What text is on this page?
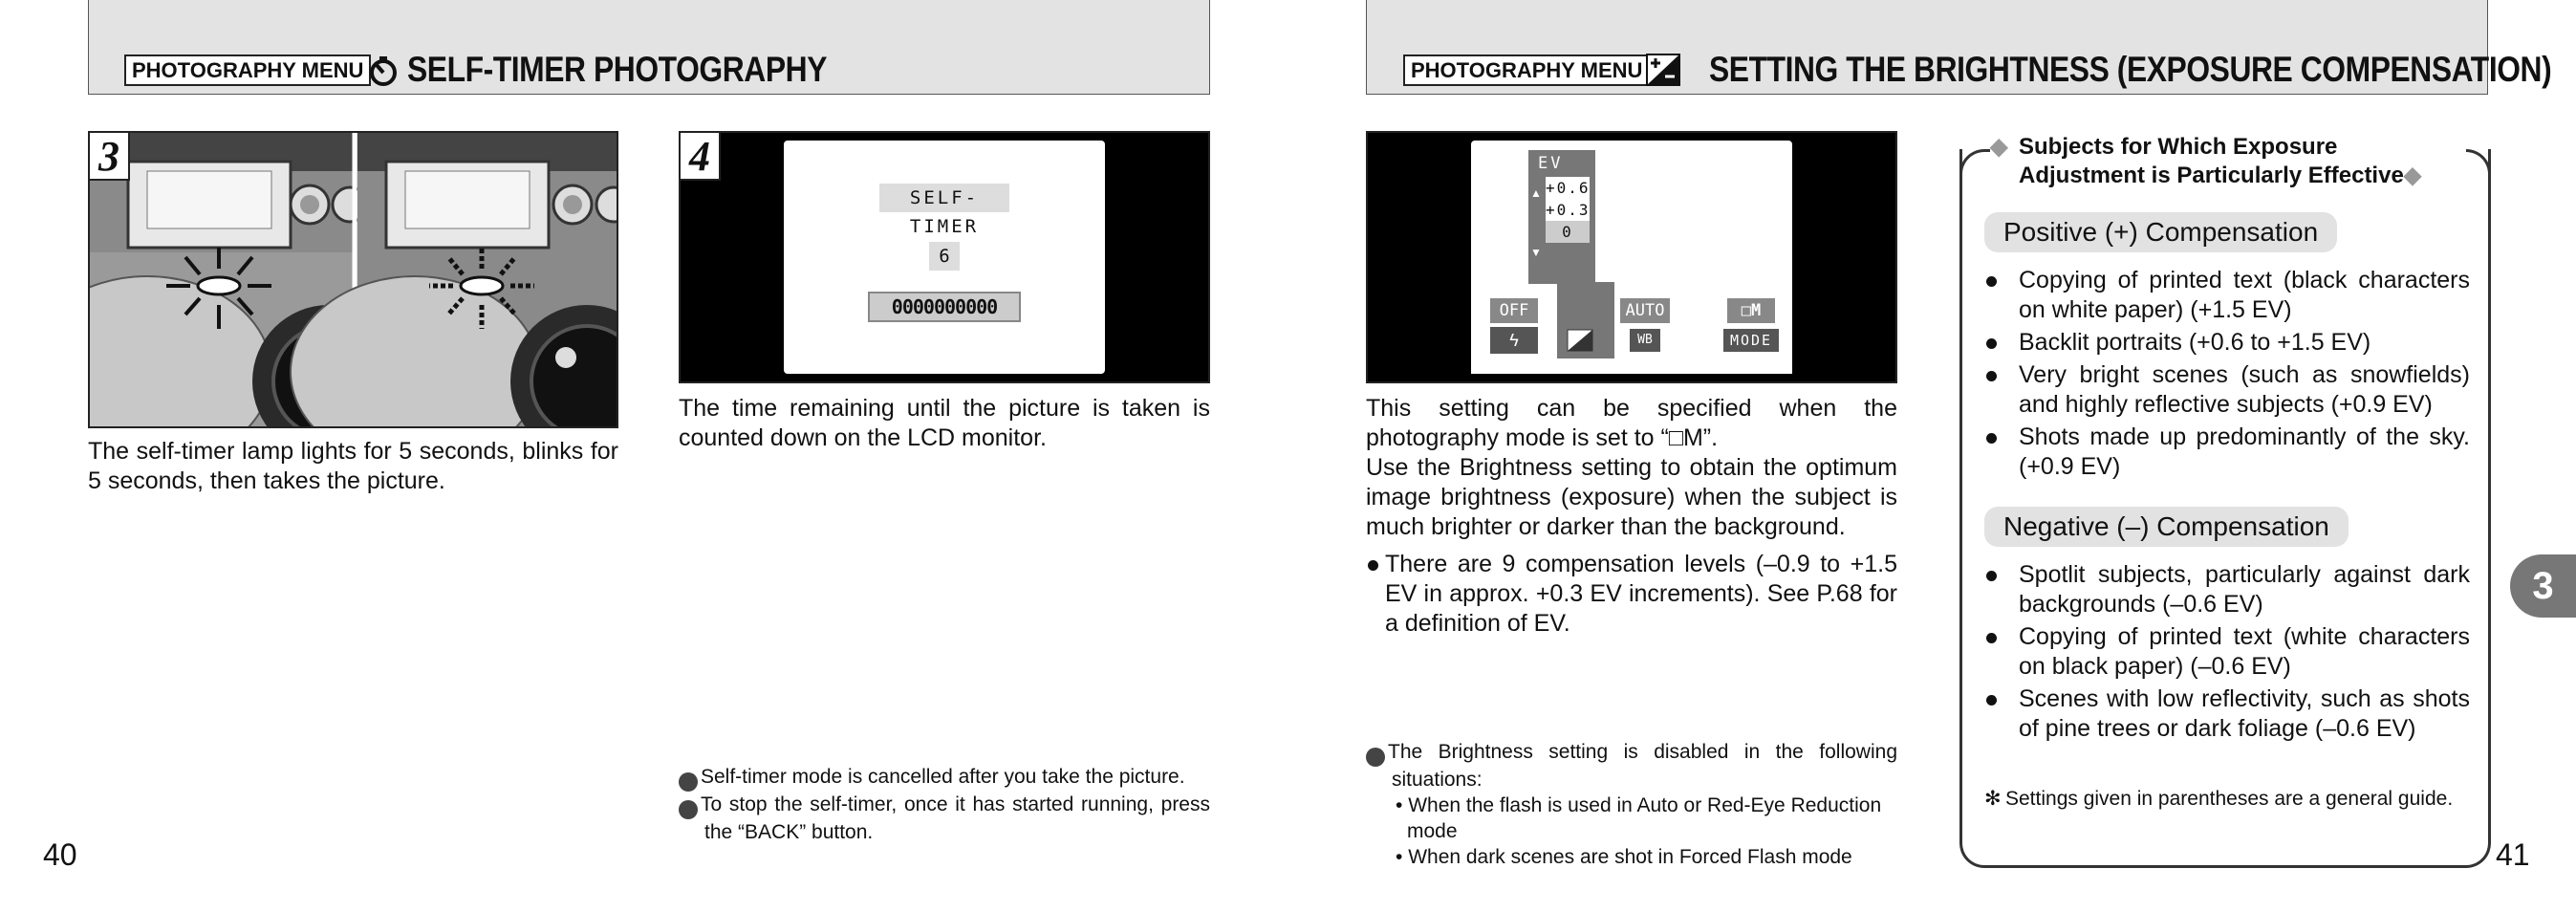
PHOTOGRAPHY MENU SELF-TIMER PHOTOGRAPHY
3
The self-timer lamp lights for 5 seconds, blinks for 5 seconds, then takes the picture.
SELF-TIMER
6
0000000000
4
The time remaining until the picture is taken is counted down on the LCD monitor.
! Self-timer mode is cancelled after you take the picture.
! To stop the self-timer, once it has started running, press the “BACK” button.
40
PHOTOGRAPHY MENU SETTING THE BRIGHTNESS (EXPOSURE COMPENSATION)
EV
+0.6
+0.3
0
▲
▼
OFF
ϟ
AUTO
WB
□M
MODE
This setting can be specified when the photography mode is set to “□M”.
Use the Brightness setting to obtain the optimum image brightness (exposure) when the subject is much brighter or darker than the background.
There are 9 compensation levels (–0.9 to +1.5 EV in approx. +0.3 EV increments). See P.68 for a definition of EV.
! The Brightness setting is disabled in the following situations:
• When the flash is used in Auto or Red-Eye Reduction mode
• When dark scenes are shot in Forced Flash mode
◆ Subjects for Which Exposure Adjustment is Particularly Effective◆
Positive (+) Compensation
Copying of printed text (black characters on white paper) (+1.5 EV)
Backlit portraits (+0.6 to +1.5 EV)
Very bright scenes (such as snowfields) and highly reflective subjects (+0.9 EV)
Shots made up predominantly of the sky. (+0.9 EV)
Negative (–) Compensation
Spotlit subjects, particularly against dark backgrounds (–0.6 EV)
Copying of printed text (white characters on black paper) (–0.6 EV)
Scenes with low reflectivity, such as shots of pine trees or dark foliage (–0.6 EV)
✻ Settings given in parentheses are a general guide.
3
41
